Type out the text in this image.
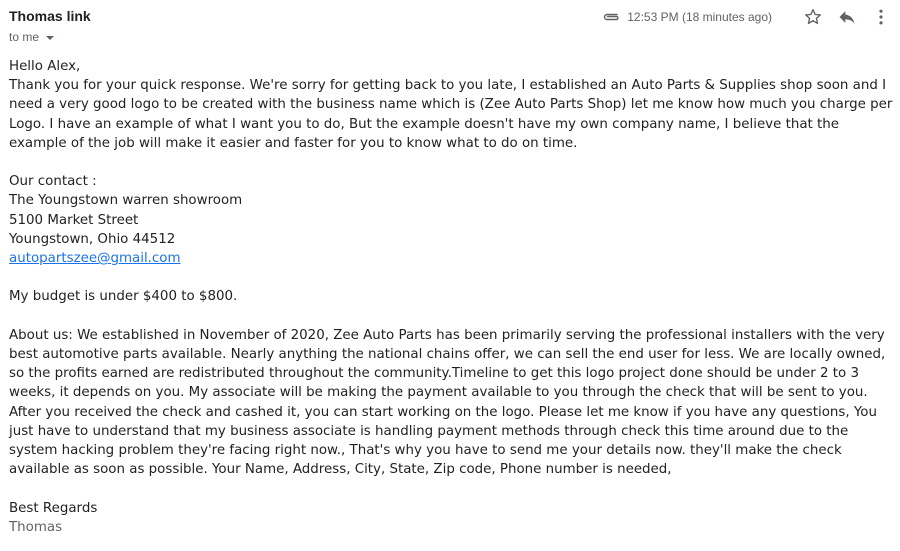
Thomas link
to me
12:53 PM (18 minutes ago)

Hello Alex,

Thank you for your quick response. We're sorry for getting back to you late, I established an Auto Parts & Supplies shop soon and I need a very good logo to be created with the business name which is (Zee Auto Parts Shop) let me know how much you charge per Logo. I have an example of what I want you to do, But the example doesn't have my own company name, I believe that the example of the job will make it easier and faster for you to know what to do on time.

Our contact :

The Youngstown warren showroom

5100 Market Street

Youngstown, Ohio 44512

autopartszee@gmail.com

My budget is under $400 to $800.

About us: We established in November of 2020, Zee Auto Parts has been primarily serving the professional installers with the very best automotive parts available. Nearly anything the national chains offer, we can sell the end user for less. We are locally owned, so the profits earned are redistributed throughout the community.Timeline to get this logo project done should be under 2 to 3 weeks, it depends on you. My associate will be making the payment available to you through the check that will be sent to you. After you received the check and cashed it, you can start working on the logo. Please let me know if you have any questions, You just have to understand that my business associate is handling payment methods through check this time around due to the system hacking problem they're facing right now., That's why you have to send me your details now. they'll make the check available as soon as possible. Your Name, Address, City, State, Zip code, Phone number is needed,

Best Regards

Thomas
